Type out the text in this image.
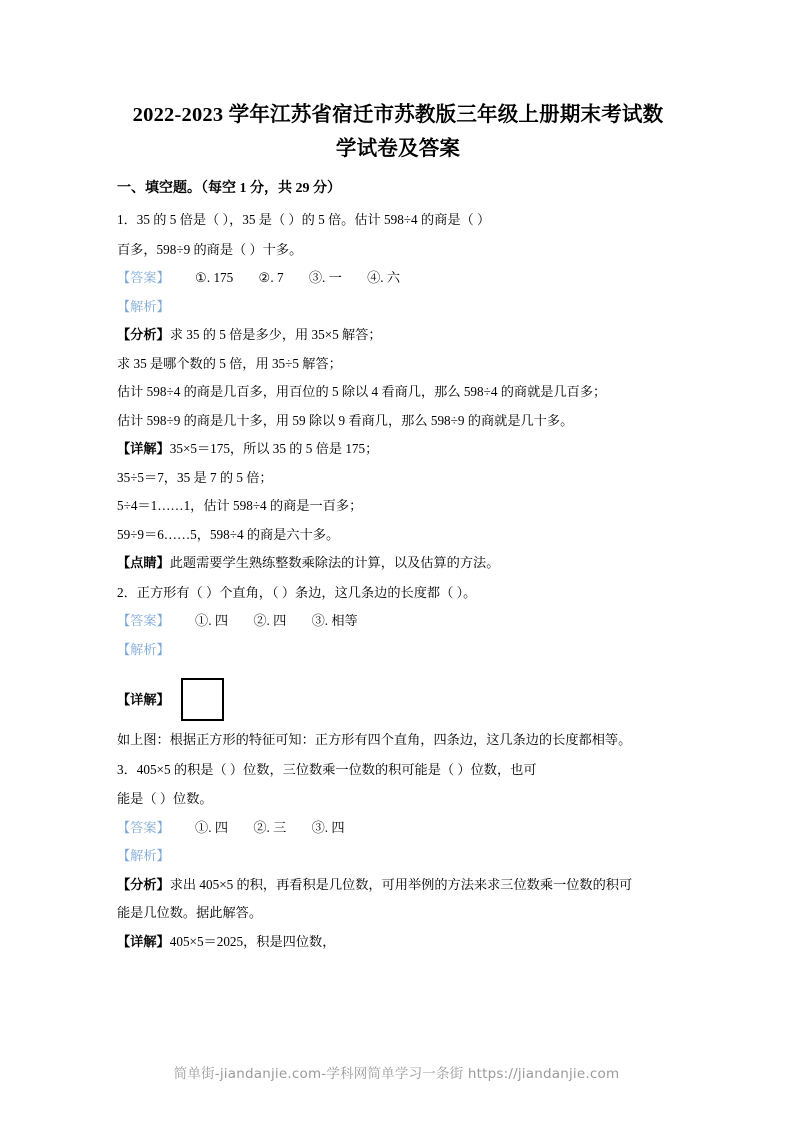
2022-2023 学年江苏省宿迁市苏教版三年级上册期末考试数
学试卷及答案
一、填空题。（每空 1 分，共 29 分）

1．35 的 5 倍是（ ），35 是（ ）的 5 倍。估计 598÷4 的商是（ ）

百多，598÷9 的商是（ ）十多。

【答案】 ①. 175 ②. 7 ③. 一 ④. 六

【解析】

【分析】求 35 的 5 倍是多少，用 35×5 解答；

求 35 是哪个数的 5 倍，用 35÷5 解答；

估计 598÷4 的商是几百多，用百位的 5 除以 4 看商几，那么 598÷4 的商就是几百多；

估计 598÷9 的商是几十多，用 59 除以 9 看商几，那么 598÷9 的商就是几十多。

【详解】35×5＝175，所以 35 的 5 倍是 175；

35÷5＝7，35 是 7 的 5 倍；

5÷4＝1……1，估计 598÷4 的商是一百多；

59÷9＝6……5，598÷4 的商是六十多。

【点睛】此题需要学生熟练整数乘除法的计算，以及估算的方法。

2．正方形有（ ）个直角，（ ）条边，这几条边的长度都（ ）。

【答案】 ①. 四 ②. 四 ③. 相等

【解析】

【详解】

如上图：根据正方形的特征可知：正方形有四个直角，四条边，这几条边的长度都相等。

3．405×5 的积是（ ）位数，三位数乘一位数的积可能是（ ）位数，也可

能是（ ）位数。

【答案】 ①. 四 ②. 三 ③. 四

【解析】

【分析】求出 405×5 的积，再看积是几位数，可用举例的方法来求三位数乘一位数的积可

能是几位数。据此解答。

【详解】405×5＝2025，积是四位数，

简单街-jiandanjie.com-学科网简单学习一条街 https://jiandanjie.com
